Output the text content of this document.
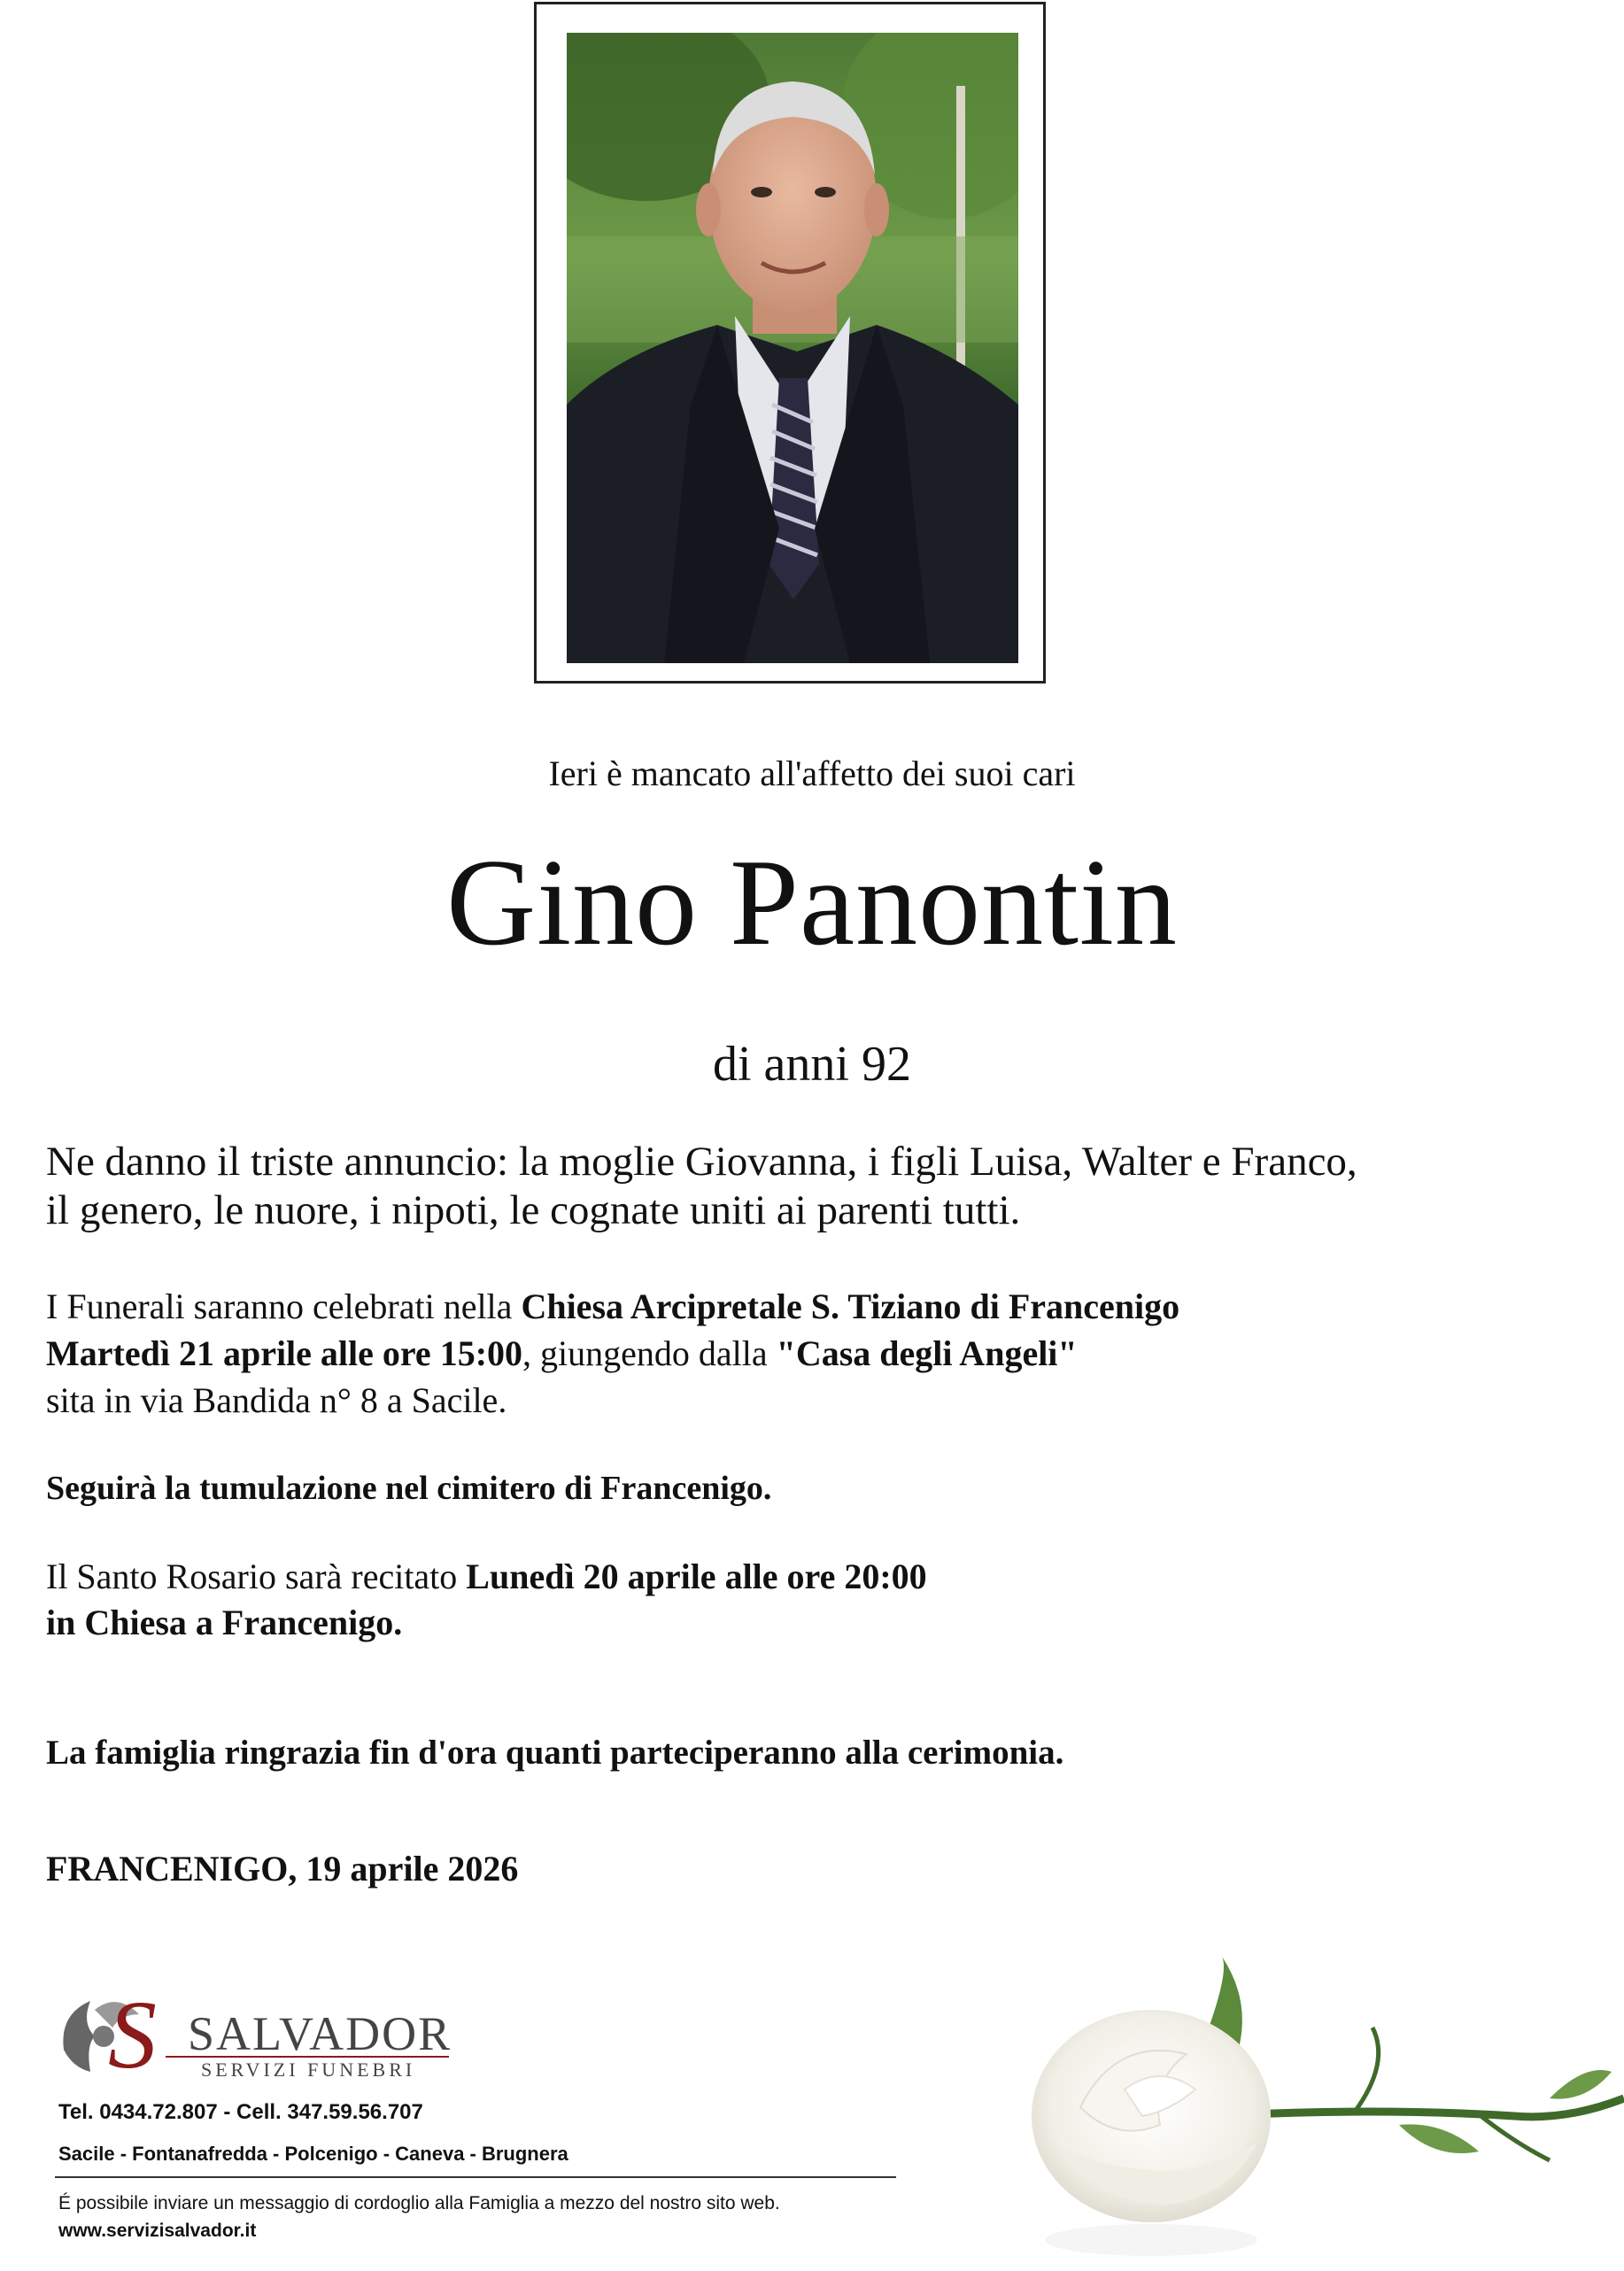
Ieri è mancato all'affetto dei suoi cari
Gino Panontin
di anni 92
Ne danno il triste annuncio: la moglie Giovanna, i figli Luisa, Walter e Franco,
il genero, le nuore, i nipoti, le cognate uniti ai parenti tutti.
I Funerali saranno celebrati nella Chiesa Arcipretale S. Tiziano di Francenigo
Martedì 21 aprile alle ore 15:00, giungendo dalla "Casa degli Angeli"
sita in via Bandida n° 8 a Sacile.
Seguirà la tumulazione nel cimitero di Francenigo.
Il Santo Rosario sarà recitato Lunedì 20 aprile alle ore 20:00
in Chiesa a Francenigo.
La famiglia ringrazia fin d'ora quanti parteciperanno alla cerimonia.
FRANCENIGO, 19 aprile 2026
S SALVADOR
SERVIZI FUNEBRI
Tel. 0434.72.807 - Cell. 347.59.56.707
Sacile - Fontanafredda - Polcenigo - Caneva - Brugnera
É possibile inviare un messaggio di cordoglio alla Famiglia a mezzo del nostro sito web.
www.servizisalvador.it
